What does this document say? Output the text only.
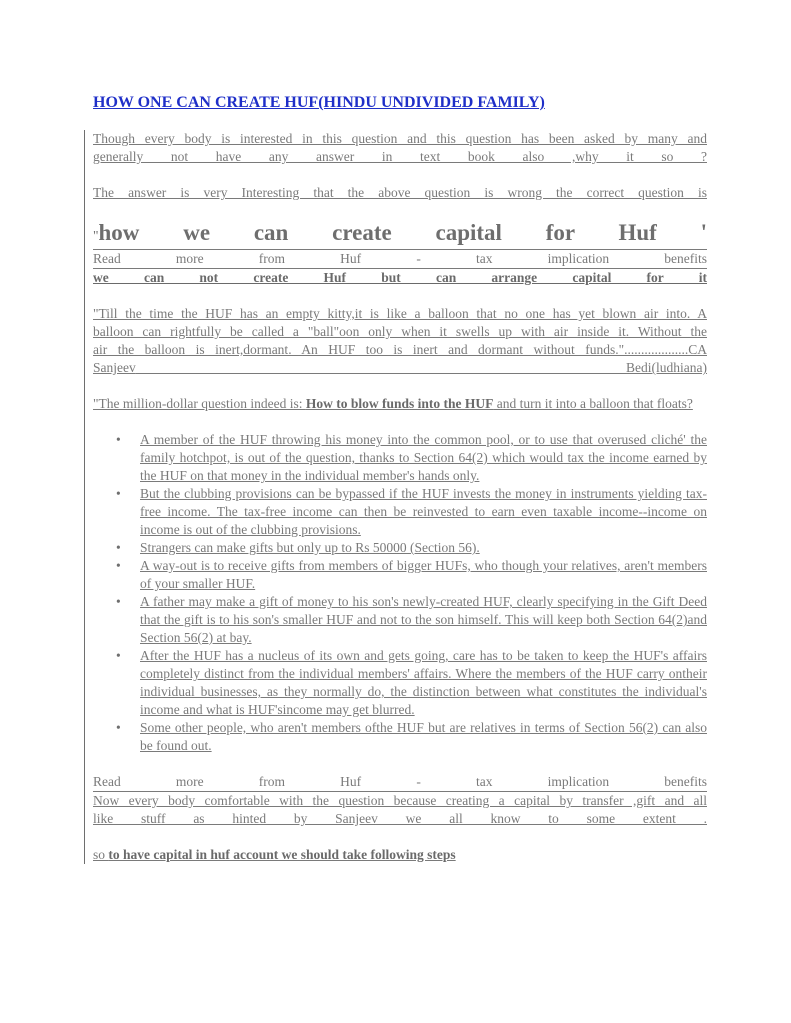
HOW ONE CAN CREATE HUF(HINDU UNDIVIDED FAMILY)

Though every body is interested in this question and this question has been asked by many and

generally not have any answer in text book also ,why it so ?

The answer is very Interesting that the above question is wrong the correct question is

"how we can create capital for Huf '

Read more from Huf - tax implication benefits

we can not create Huf but can arrange capital for it

"Till the time the HUF has an empty kitty,it is like a balloon that no one has yet blown air into. A

balloon can rightfully be called a "ball"oon only when it swells up with air inside it. Without the

air the balloon is inert,dormant. An HUF too is inert and dormant without funds."...................CA

Sanjeev	Bedi(ludhiana)

"The million-dollar question indeed is: How to blow funds into the HUF and turn it into a balloon that floats?

• A member of the HUF throwing his money into the common pool, or to use that overused cliché' the family hotchpot, is out of the question, thanks to Section 64(2) which would tax the income earned by the HUF on that money in the individual member's hands only.
• But the clubbing provisions can be bypassed if the HUF invests the money in instruments yielding tax-free income. The tax-free income can then be reinvested to earn even taxable income--income on income is out of the clubbing provisions.
• Strangers can make gifts but only up to Rs 50000 (Section 56).
• A way-out is to receive gifts from members of bigger HUFs, who though your relatives, aren't members of your smaller HUF.
• A father may make a gift of money to his son's newly-created HUF, clearly specifying in the Gift Deed that the gift is to his son's smaller HUF and not to the son himself. This will keep both Section 64(2)and Section 56(2) at bay.
• After the HUF has a nucleus of its own and gets going, care has to be taken to keep the HUF's affairs completely distinct from the individual members' affairs. Where the members of the HUF carry ontheir individual businesses, as they normally do, the distinction between what constitutes the individual's income and what is HUF'sincome may get blurred.
• Some other people, who aren't members ofthe HUF but are relatives in terms of Section 56(2) can also be found out.

Read more from Huf - tax implication benefits

Now every body comfortable with the question because creating a capital by transfer ,gift and all

like stuff as hinted by Sanjeev we all know to some extent .

so to have capital in huf account we should take following steps
